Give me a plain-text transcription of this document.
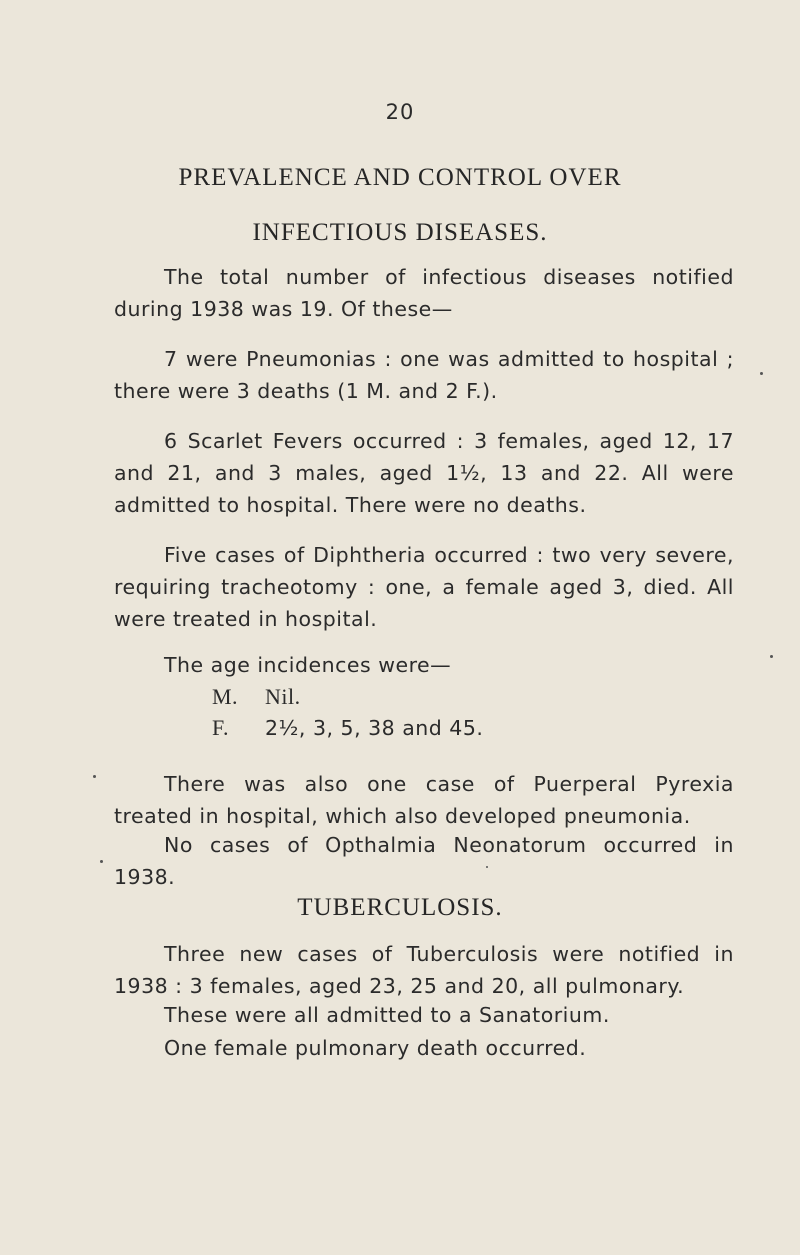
20
PREVALENCE AND CONTROL OVER
INFECTIOUS DISEASES.
The total number of infectious diseases notified
during 1938 was 19. Of these—
7 were Pneumonias : one was admitted to hospital ;
there were 3 deaths (1 M. and 2 F.).
6 Scarlet Fevers occurred : 3 females, aged 12, 17
and 21, and 3 males, aged 1½, 13 and 22. All were
admitted to hospital. There were no deaths.
Five cases of Diphtheria occurred : two very severe,
requiring tracheotomy : one, a female aged 3, died. All
were treated in hospital.
The age incidences were—
M. Nil.
F. 2½, 3, 5, 38 and 45.
There was also one case of Puerperal Pyrexia
treated in hospital, which also developed pneumonia.
No cases of Opthalmia Neonatorum occurred in
1938.
TUBERCULOSIS.
Three new cases of Tuberculosis were notified in
1938 : 3 females, aged 23, 25 and 20, all pulmonary.
These were all admitted to a Sanatorium.
One female pulmonary death occurred.
